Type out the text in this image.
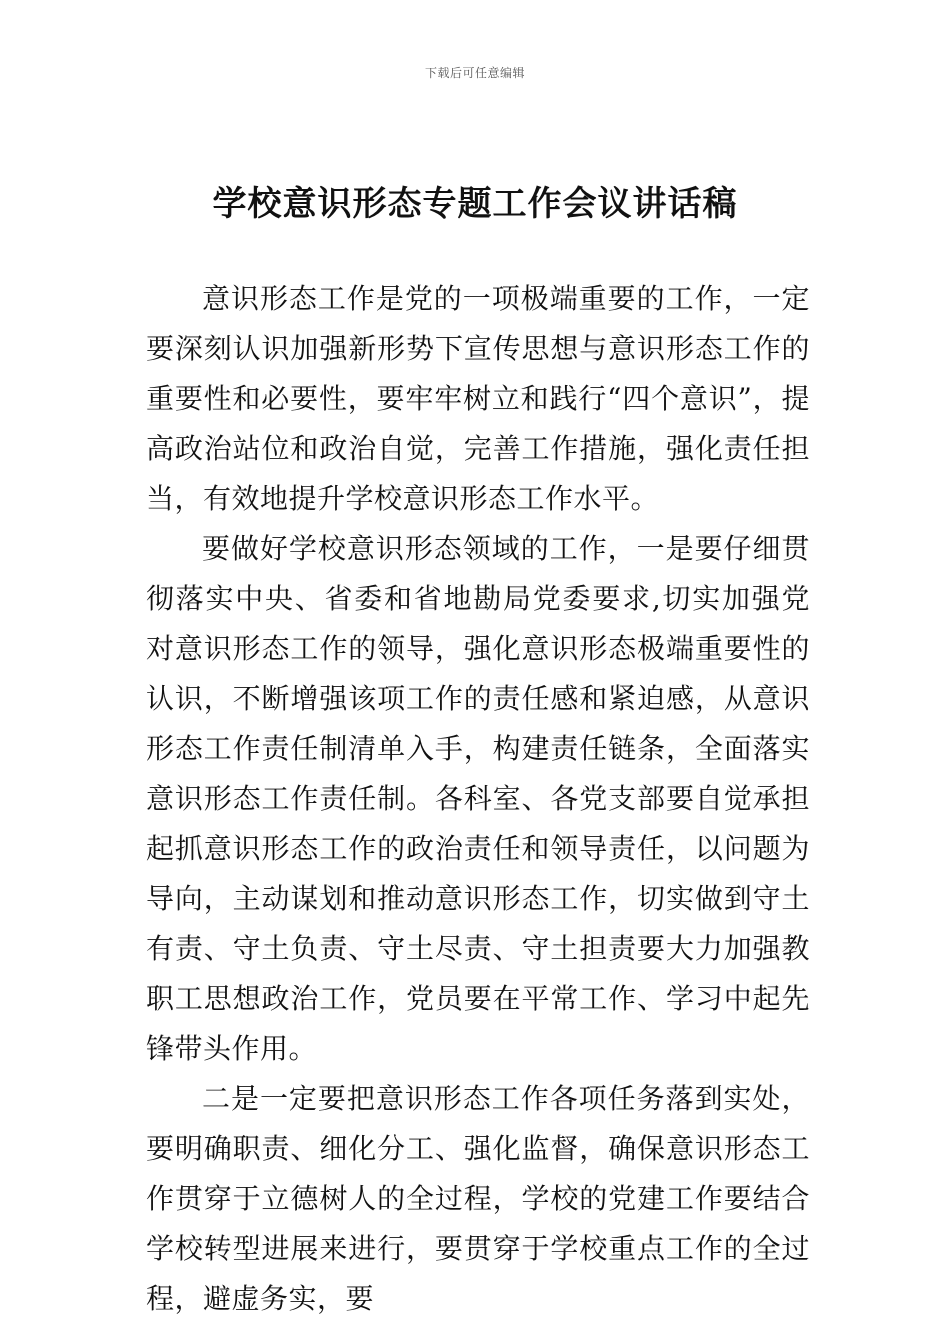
下载后可任意编辑
学校意识形态专题工作会议讲话稿

意识形态工作是党的一项极端重要的工作，一定要深刻认识加强新形势下宣传思想与意识形态工作的重要性和必要性，要牢牢树立和践行“四个意识”，提高政治站位和政治自觉，完善工作措施，强化责任担当，有效地提升学校意识形态工作水平。

要做好学校意识形态领域的工作，一是要仔细贯彻落实中央、省委和省地勘局党委要求,切实加强党对意识形态工作的领导，强化意识形态极端重要性的认识，不断增强该项工作的责任感和紧迫感，从意识形态工作责任制清单入手，构建责任链条，全面落实意识形态工作责任制。各科室、各党支部要自觉承担起抓意识形态工作的政治责任和领导责任，以问题为导向，主动谋划和推动意识形态工作，切实做到守土有责、守土负责、守土尽责、守土担责要大力加强教职工思想政治工作，党员要在平常工作、学习中起先锋带头作用。

二是一定要把意识形态工作各项任务落到实处，要明确职责、细化分工、强化监督，确保意识形态工作贯穿于立德树人的全过程，学校的党建工作要结合学校转型进展来进行，要贯穿于学校重点工作的全过程，避虚务实，要
